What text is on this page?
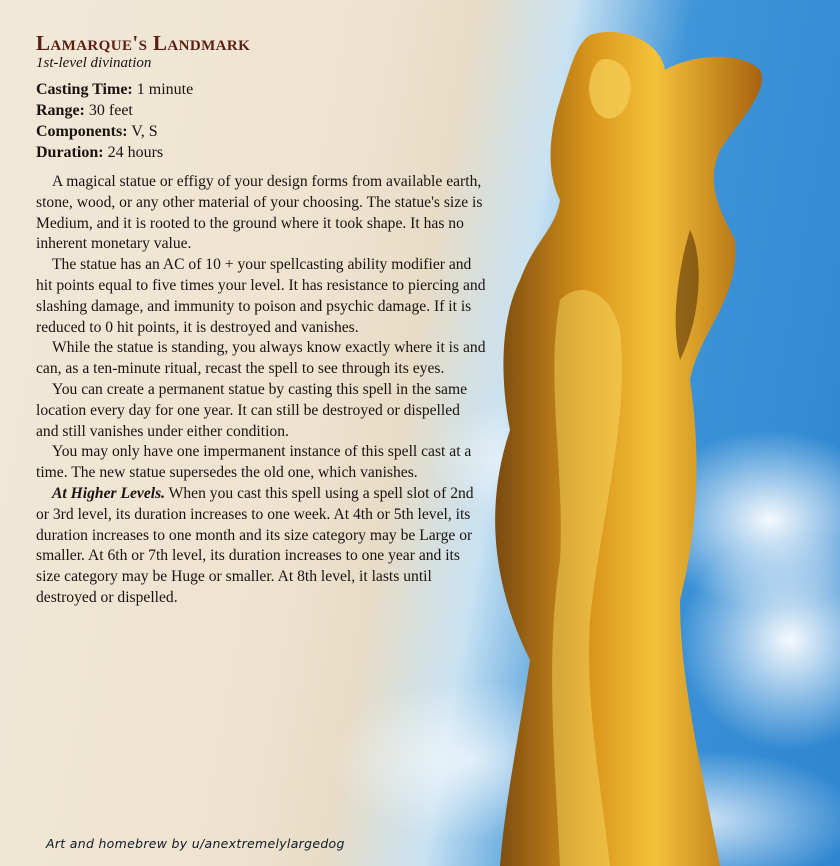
Lamarque's Landmark
1st-level divination
Casting Time: 1 minute
Range: 30 feet
Components: V, S
Duration: 24 hours

A magical statue or effigy of your design forms from available earth, stone, wood, or any other material of your choosing. The statue's size is Medium, and it is rooted to the ground where it took shape. It has no inherent monetary value.

The statue has an AC of 10 + your spellcasting ability modifier and hit points equal to five times your level. It has resistance to piercing and slashing damage, and immunity to poison and psychic damage. If it is reduced to 0 hit points, it is destroyed and vanishes.

While the statue is standing, you always know exactly where it is and can, as a ten-minute ritual, recast the spell to see through its eyes.

You can create a permanent statue by casting this spell in the same location every day for one year. It can still be destroyed or dispelled and still vanishes under either condition.

You may only have one impermanent instance of this spell cast at a time. The new statue supersedes the old one, which vanishes.

At Higher Levels. When you cast this spell using a spell slot of 2nd or 3rd level, its duration increases to one week. At 4th or 5th level, its duration increases to one month and its size category may be Large or smaller. At 6th or 7th level, its duration increases to one year and its size category may be Huge or smaller. At 8th level, it lasts until destroyed or dispelled.

Art and homebrew by u/anextremelylargedog
